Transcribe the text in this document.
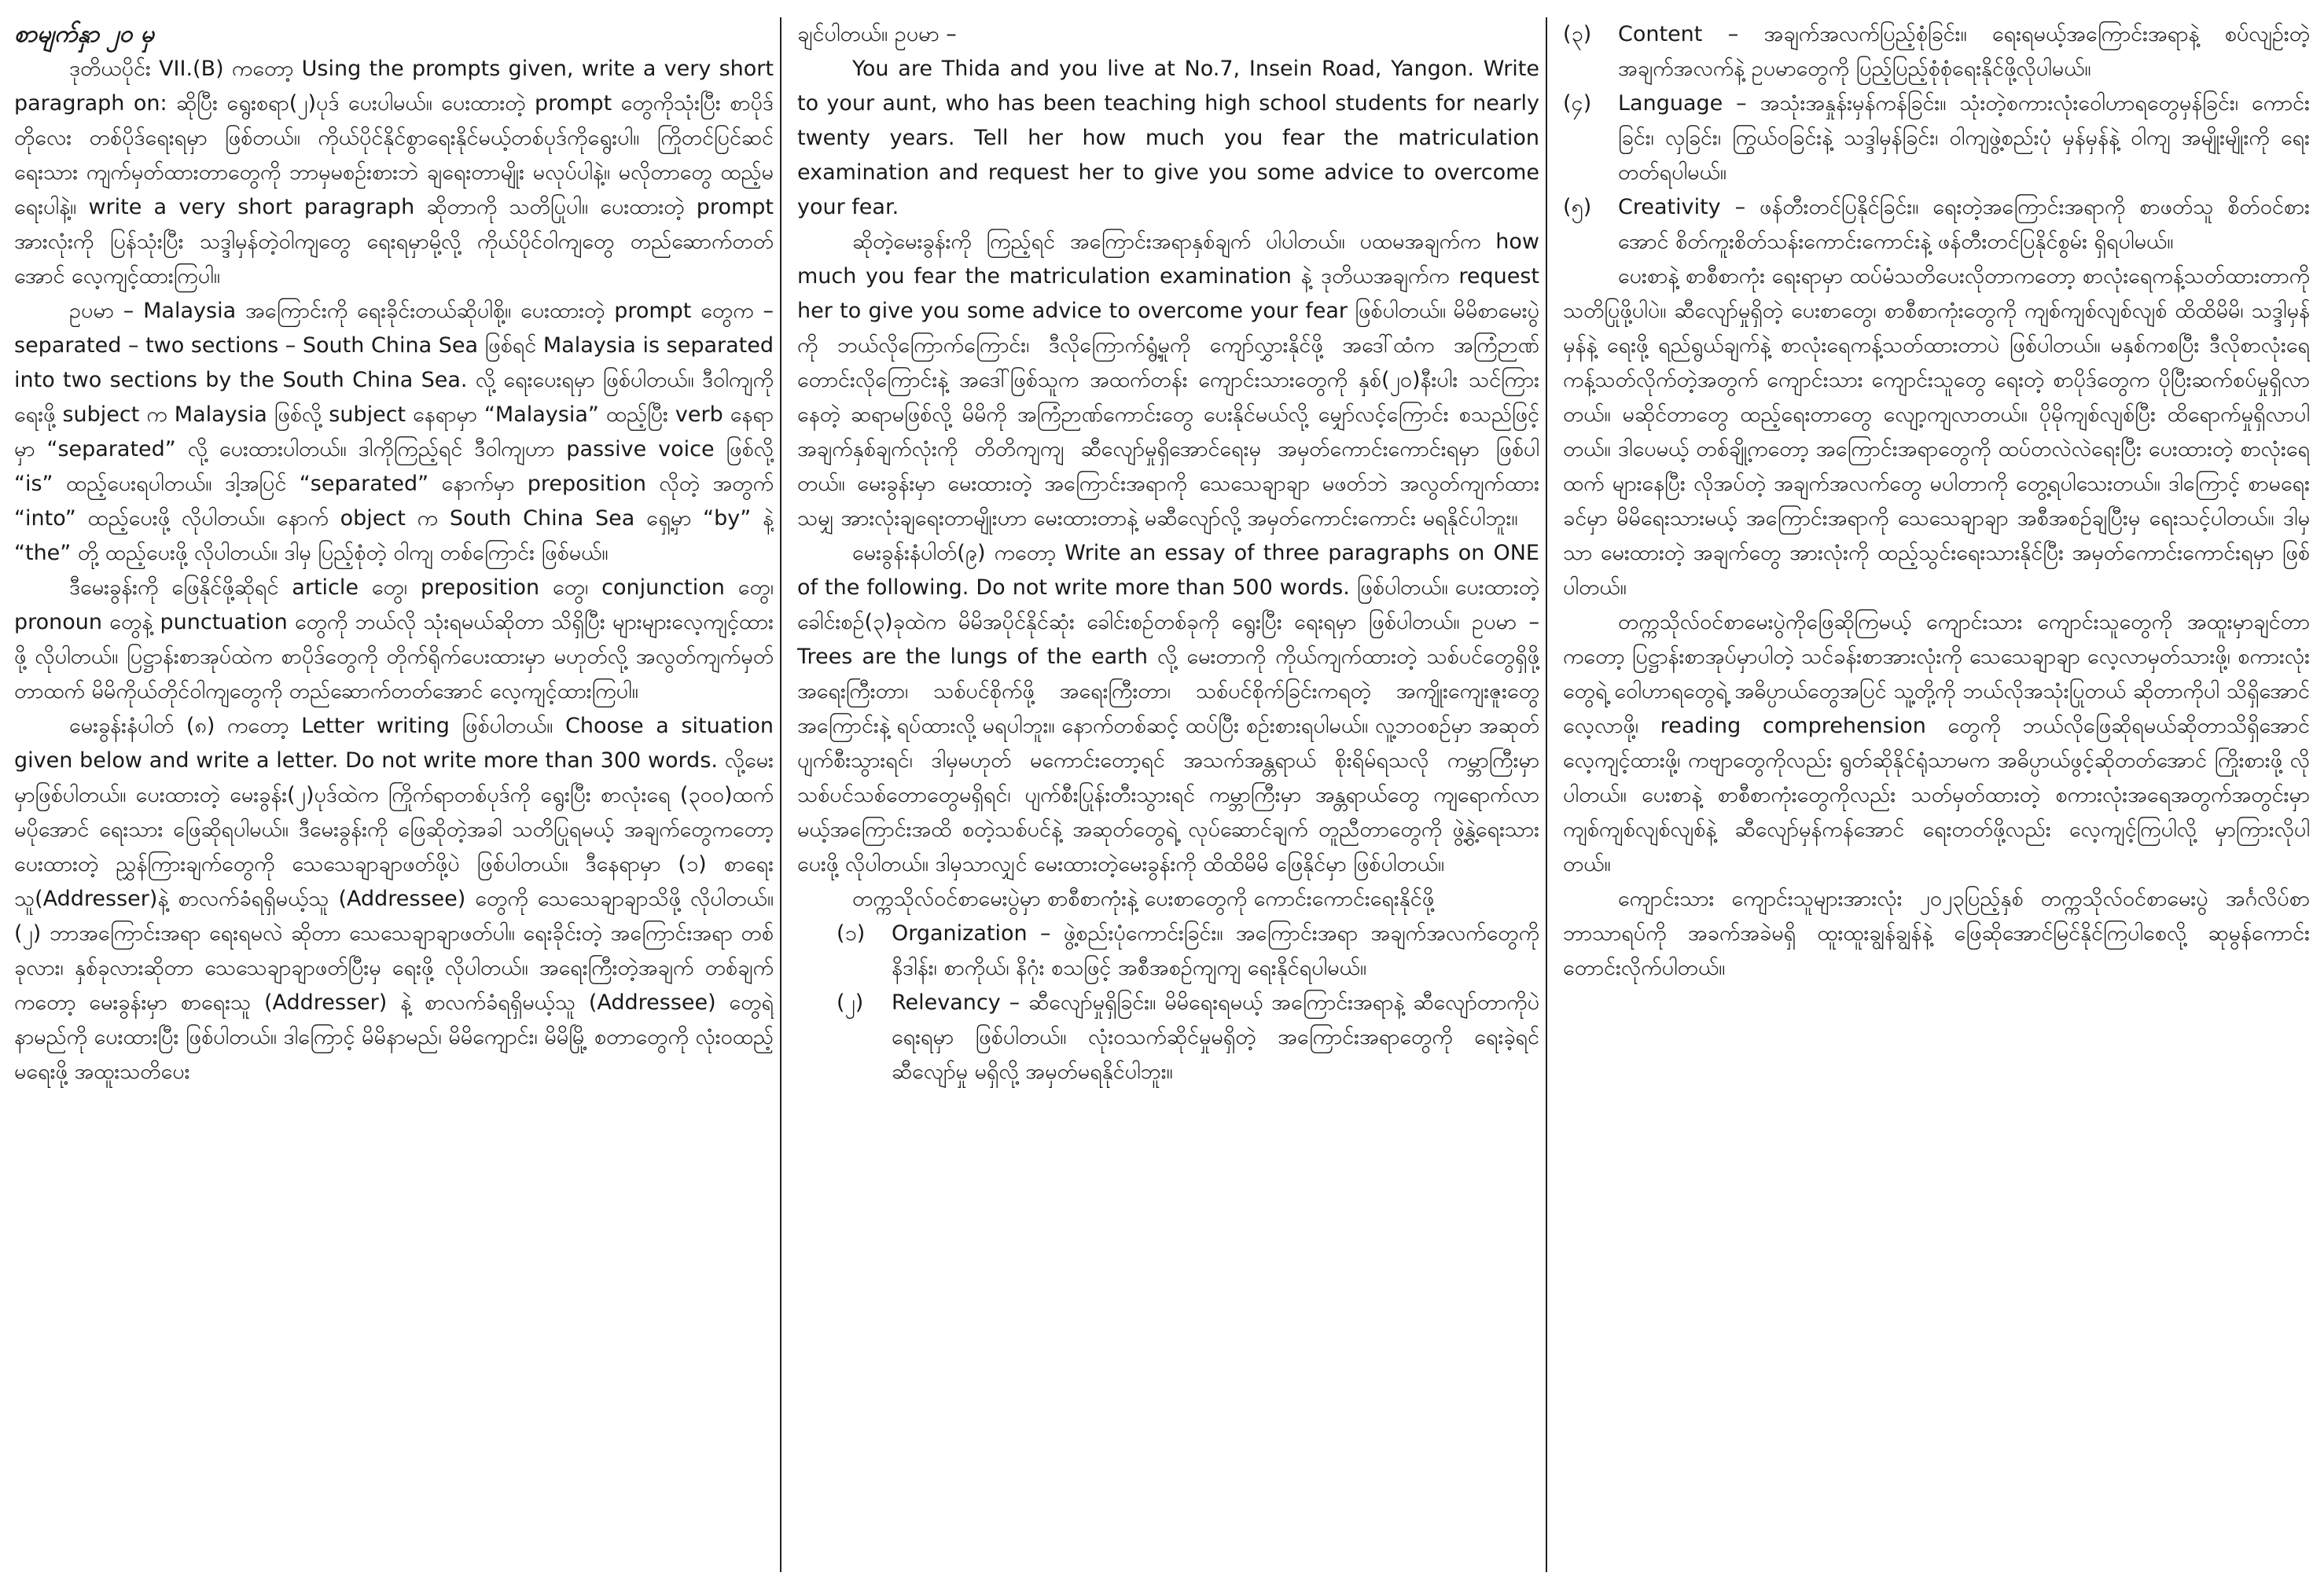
စာမျက်နှာ ၂၀ မှ

ဒုတိယပိုင်း VII.(B) ကတော့ Using the prompts given, write a very short paragraph on: ဆိုပြီး ရွေးစရာ(၂)ပုဒ် ပေးပါမယ်။ ပေးထားတဲ့ prompt တွေကိုသုံးပြီး စာပိုဒ်တိုလေး တစ်ပိုဒ်ရေးရမှာ ဖြစ်တယ်။ ကိုယ်ပိုင်နိုင်စွာရေးနိုင်မယ့်တစ်ပုဒ်ကိုရွေးပါ။ ကြိုတင်ပြင်ဆင်ရေးသား ကျက်မှတ်ထားတာတွေကို ဘာမှမစဉ်းစားဘဲ ချရေးတာမျိုး မလုပ်ပါနဲ့။ မလိုတာတွေ ထည့်မရေးပါနဲ့။ write a very short paragraph ဆိုတာကို သတိပြုပါ။ ပေးထားတဲ့ prompt အားလုံးကို ပြန်သုံးပြီး သဒ္ဒါမှန်တဲ့ဝါကျတွေ ရေးရမှာမို့လို့ ကိုယ်ပိုင်ဝါကျတွေ တည်ဆောက်တတ်အောင် လေ့ကျင့်ထားကြပါ။

ဥပမာ – Malaysia အကြောင်းကို ရေးခိုင်းတယ်ဆိုပါစို့။ ပေးထားတဲ့ prompt တွေက – separated – two sections – South China Sea ဖြစ်ရင် Malaysia is separated into two sections by the South China Sea. လို့ ရေးပေးရမှာ ဖြစ်ပါတယ်။ ဒီဝါကျကို ရေးဖို့ subject က Malaysia ဖြစ်လို့ subject နေရာမှာ “Malaysia” ထည့်ပြီး verb နေရာမှာ “separated” လို့ ပေးထားပါတယ်။ ဒါကိုကြည့်ရင် ဒီဝါကျဟာ passive voice ဖြစ်လို့ “is” ထည့်ပေးရပါတယ်။ ဒါ့အပြင် “separated” နောက်မှာ preposition လိုတဲ့ အတွက် “into” ထည့်ပေးဖို့ လိုပါတယ်။ နောက် object က South China Sea ရှေ့မှာ “by” နဲ့ “the” တို့ ထည့်ပေးဖို့ လိုပါတယ်။ ဒါမှ ပြည့်စုံတဲ့ ဝါကျ တစ်ကြောင်း ဖြစ်မယ်။

ဒီမေးခွန်းကို ဖြေနိုင်ဖို့ဆိုရင် article တွေ၊ preposition တွေ၊ conjunction တွေ၊ pronoun တွေနဲ့ punctuation တွေကို ဘယ်လို သုံးရမယ်ဆိုတာ သိရှိပြီး များများလေ့ကျင့်ထားဖို့ လိုပါတယ်။ ပြဋ္ဌာန်းစာအုပ်ထဲက စာပိုဒ်တွေကို တိုက်ရိုက်ပေးထားမှာ မဟုတ်လို့ အလွတ်ကျက်မှတ်တာထက် မိမိကိုယ်တိုင်ဝါကျတွေကို တည်ဆောက်တတ်အောင် လေ့ကျင့်ထားကြပါ။

မေးခွန်းနံပါတ် (၈) ကတော့ Letter writing ဖြစ်ပါတယ်။ Choose a situation given below and write a letter. Do not write more than 300 words. လို့မေးမှာဖြစ်ပါတယ်။ ပေးထားတဲ့ မေးခွန်း(၂)ပုဒ်ထဲက ကြိုက်ရာတစ်ပုဒ်ကို ရွေးပြီး စာလုံးရေ (၃၀၀)ထက် မပိုအောင် ရေးသား ဖြေဆိုရပါမယ်။ ဒီမေးခွန်းကို ဖြေဆိုတဲ့အခါ သတိပြုရမယ့် အချက်တွေကတော့ ပေးထားတဲ့ ညွှန်ကြားချက်တွေကို သေသေချာချာဖတ်ဖို့ပဲ ဖြစ်ပါတယ်။ ဒီနေရာမှာ (၁) စာရေးသူ(Addresser)နဲ့ စာလက်ခံရရှိမယ့်သူ (Addressee) တွေကို သေသေချာချာသိဖို့ လိုပါတယ်။ (၂) ဘာအကြောင်းအရာ ရေးရမလဲ ဆိုတာ သေသေချာချာဖတ်ပါ။ ရေးခိုင်းတဲ့ အကြောင်းအရာ တစ်ခုလား၊ နှစ်ခုလားဆိုတာ သေသေချာချာဖတ်ပြီးမှ ရေးဖို့ လိုပါတယ်။ အရေးကြီးတဲ့အချက် တစ်ချက်ကတော့ မေးခွန်းမှာ စာရေးသူ (Addresser) နဲ့ စာလက်ခံရရှိမယ့်သူ (Addressee) တွေရဲ့ နာမည်ကို ပေးထားပြီး ဖြစ်ပါတယ်။ ဒါကြောင့် မိမိနာမည်၊ မိမိကျောင်း၊ မိမိမြို့ စတာတွေကို လုံးဝထည့်မရေးဖို့ အထူးသတိပေး

ချင်ပါတယ်။ ဥပမာ –

You are Thida and you live at No.7, Insein Road, Yangon. Write to your aunt, who has been teaching high school students for nearly twenty years. Tell her how much you fear the matriculation examination and request her to give you some advice to overcome your fear.

ဆိုတဲ့မေးခွန်းကို ကြည့်ရင် အကြောင်းအရာနှစ်ချက် ပါပါတယ်။ ပထမအချက်က how much you fear the matriculation examination နဲ့ ဒုတိယအချက်က request her to give you some advice to overcome your fear ဖြစ်ပါတယ်။ မိမိစာမေးပွဲကို ဘယ်လိုကြောက်ကြောင်း၊ ဒီလိုကြောက်ရွံ့မှုကို ကျော်လွှားနိုင်ဖို့ အဒေါ်ထံက အကြံဉာဏ် တောင်းလိုကြောင်းနဲ့ အဒေါ်ဖြစ်သူက အထက်တန်း ကျောင်းသားတွေကို နှစ်(၂၀)နီးပါး သင်ကြားနေတဲ့ ဆရာမဖြစ်လို့ မိမိကို အကြံဉာဏ်ကောင်းတွေ ပေးနိုင်မယ်လို့ မျှော်လင့်ကြောင်း စသည်ဖြင့် အချက်နှစ်ချက်လုံးကို တိတိကျကျ ဆီလျော်မှုရှိအောင်ရေးမှ အမှတ်ကောင်းကောင်းရမှာ ဖြစ်ပါတယ်။ မေးခွန်းမှာ မေးထားတဲ့ အကြောင်းအရာကို သေသေချာချာ မဖတ်ဘဲ အလွတ်ကျက်ထားသမျှ အားလုံးချရေးတာမျိုးဟာ မေးထားတာနဲ့ မဆီလျော်လို့ အမှတ်ကောင်းကောင်း မရနိုင်ပါဘူး။

မေးခွန်းနံပါတ်(၉) ကတော့ Write an essay of three paragraphs on ONE of the following. Do not write more than 500 words. ဖြစ်ပါတယ်။ ပေးထားတဲ့ ခေါင်းစဉ်(၃)ခုထဲက မိမိအပိုင်နိုင်ဆုံး ခေါင်းစဉ်တစ်ခုကို ရွေးပြီး ရေးရမှာ ဖြစ်ပါတယ်။ ဥပမာ – Trees are the lungs of the earth လို့ မေးတာကို ကိုယ်ကျက်ထားတဲ့ သစ်ပင်တွေရှိဖို့ အရေးကြီးတာ၊ သစ်ပင်စိုက်ဖို့ အရေးကြီးတာ၊ သစ်ပင်စိုက်ခြင်းကရတဲ့ အကျိုးကျေးဇူးတွေ အကြောင်းနဲ့ ရပ်ထားလို့ မရပါဘူး။ နောက်တစ်ဆင့် ထပ်ပြီး စဉ်းစားရပါမယ်။ လူ့ဘဝစဉ်မှာ အဆုတ်ပျက်စီးသွားရင်၊ ဒါမှမဟုတ် မကောင်းတော့ရင် အသက်အန္တရာယ် စိုးရိမ်ရသလို ကမ္ဘာကြီးမှာ သစ်ပင်သစ်တောတွေမရှိရင်၊ ပျက်စီးပြုန်းတီးသွားရင် ကမ္ဘာကြီးမှာ အန္တရာယ်တွေ ကျရောက်လာမယ့်အကြောင်းအထိ စတဲ့သစ်ပင်နဲ့ အဆုတ်တွေရဲ့ လုပ်ဆောင်ချက် တူညီတာတွေကို ဖွဲ့နွဲ့ရေးသားပေးဖို့ လိုပါတယ်။ ဒါမှသာလျှင် မေးထားတဲ့မေးခွန်းကို ထိထိမိမိ ဖြေနိုင်မှာ ဖြစ်ပါတယ်။

တက္ကသိုလ်ဝင်စာမေးပွဲမှာ စာစီစာကုံးနဲ့ ပေးစာတွေကို ကောင်းကောင်းရေးနိုင်ဖို့

(၁) Organization – ဖွဲ့စည်းပုံကောင်းခြင်း။ အကြောင်းအရာ အချက်အလက်တွေကို နိဒါန်း၊ စာကိုယ်၊ နိဂုံး စသဖြင့် အစီအစဉ်ကျကျ ရေးနိုင်ရပါမယ်။
(၂) Relevancy – ဆီလျော်မှုရှိခြင်း။ မိမိရေးရမယ့် အကြောင်းအရာနဲ့ ဆီလျော်တာကိုပဲ ရေးရမှာ ဖြစ်ပါတယ်။ လုံးဝသက်ဆိုင်မှုမရှိတဲ့ အကြောင်းအရာတွေကို ရေးခဲ့ရင် ဆီလျော်မှု မရှိလို့ အမှတ်မရနိုင်ပါဘူး။
(၃) Content – အချက်အလက်ပြည့်စုံခြင်း။ ရေးရမယ့်အကြောင်းအရာနဲ့ စပ်လျဉ်းတဲ့ အချက်အလက်နဲ့ ဥပမာတွေကို ပြည့်ပြည့်စုံစုံရေးနိုင်ဖို့လိုပါမယ်။
(၄) Language – အသုံးအနှုန်းမှန်ကန်ခြင်း။ သုံးတဲ့စကားလုံးဝေါဟာရတွေမှန်ခြင်း၊ ကောင်းခြင်း၊ လှခြင်း၊ ကြွယ်ဝခြင်းနဲ့ သဒ္ဒါမှန်ခြင်း၊ ဝါကျဖွဲ့စည်းပုံ မှန်မှန်နဲ့ ဝါကျ အမျိုးမျိုးကို ရေးတတ်ရပါမယ်။
(၅) Creativity – ဖန်တီးတင်ပြနိုင်ခြင်း။ ရေးတဲ့အကြောင်းအရာကို စာဖတ်သူ စိတ်ဝင်စားအောင် စိတ်ကူးစိတ်သန်းကောင်းကောင်းနဲ့ ဖန်တီးတင်ပြနိုင်စွမ်း ရှိရပါမယ်။

ပေးစာနဲ့ စာစီစာကုံး ရေးရာမှာ ထပ်မံသတိပေးလိုတာကတော့ စာလုံးရေကန့်သတ်ထားတာကို သတိပြုဖို့ပါပဲ။ ဆီလျော်မှုရှိတဲ့ ပေးစာတွေ၊ စာစီစာကုံးတွေကို ကျစ်ကျစ်လျစ်လျစ် ထိထိမိမိ၊ သဒ္ဒါမှန်မှန်နဲ့ ရေးဖို့ ရည်ရွယ်ချက်နဲ့ စာလုံးရေကန့်သတ်ထားတာပဲ ဖြစ်ပါတယ်။ မနှစ်ကစပြီး ဒီလိုစာလုံးရေကန့်သတ်လိုက်တဲ့အတွက် ကျောင်းသား ကျောင်းသူတွေ ရေးတဲ့ စာပိုဒ်တွေက ပိုပြီးဆက်စပ်မှုရှိလာတယ်။ မဆိုင်တာတွေ ထည့်ရေးတာတွေ လျော့ကျလာတယ်။ ပိုမိုကျစ်လျစ်ပြီး ထိရောက်မှုရှိလာပါတယ်။ ဒါပေမယ့် တစ်ချို့ကတော့ အကြောင်းအရာတွေကို ထပ်တလဲလဲရေးပြီး ပေးထားတဲ့ စာလုံးရေထက် များနေပြီး လိုအပ်တဲ့ အချက်အလက်တွေ မပါတာကို တွေ့ရပါသေးတယ်။ ဒါကြောင့် စာမရေးခင်မှာ မိမိရေးသားမယ့် အကြောင်းအရာကို သေသေချာချာ အစီအစဉ်ချပြီးမှ ရေးသင့်ပါတယ်။ ဒါမှသာ မေးထားတဲ့ အချက်တွေ အားလုံးကို ထည့်သွင်းရေးသားနိုင်ပြီး အမှတ်ကောင်းကောင်းရမှာ ဖြစ်ပါတယ်။

တက္ကသိုလ်ဝင်စာမေးပွဲကိုဖြေဆိုကြမယ့် ကျောင်းသား ကျောင်းသူတွေကို အထူးမှာချင်တာကတော့ ပြဋ္ဌာန်းစာအုပ်မှာပါတဲ့ သင်ခန်းစာအားလုံးကို သေသေချာချာ လေ့လာမှတ်သားဖို့၊ စကားလုံးတွေရဲ့ ဝေါဟာရတွေရဲ့ အဓိပ္ပာယ်တွေအပြင် သူ့တို့ကို ဘယ်လိုအသုံးပြုတယ် ဆိုတာကိုပါ သိရှိအောင် လေ့လာဖို့၊ reading comprehension တွေကို ဘယ်လိုဖြေဆိုရမယ်ဆိုတာသိရှိအောင် လေ့ကျင့်ထားဖို့၊ ကဗျာတွေကိုလည်း ရွတ်ဆိုနိုင်ရုံသာမက အဓိပ္ပာယ်ဖွင့်ဆိုတတ်အောင် ကြိုးစားဖို့ လိုပါတယ်။ ပေးစာနဲ့ စာစီစာကုံးတွေကိုလည်း သတ်မှတ်ထားတဲ့ စကားလုံးအရေအတွက်အတွင်းမှာ ကျစ်ကျစ်လျစ်လျစ်နဲ့ ဆီလျော်မှန်ကန်အောင် ရေးတတ်ဖို့လည်း လေ့ကျင့်ကြပါလို့ မှာကြားလိုပါတယ်။

ကျောင်းသား ကျောင်းသူများအားလုံး ၂၀၂၃ပြည့်နှစ် တက္ကသိုလ်ဝင်စာမေးပွဲ အင်္ဂလိပ်စာ ဘာသာရပ်ကို အခက်အခဲမရှိ ထူးထူးချွန်ချွန်နဲ့ ဖြေဆိုအောင်မြင်နိုင်ကြပါစေလို့ ဆုမွန်ကောင်း တောင်းလိုက်ပါတယ်။
